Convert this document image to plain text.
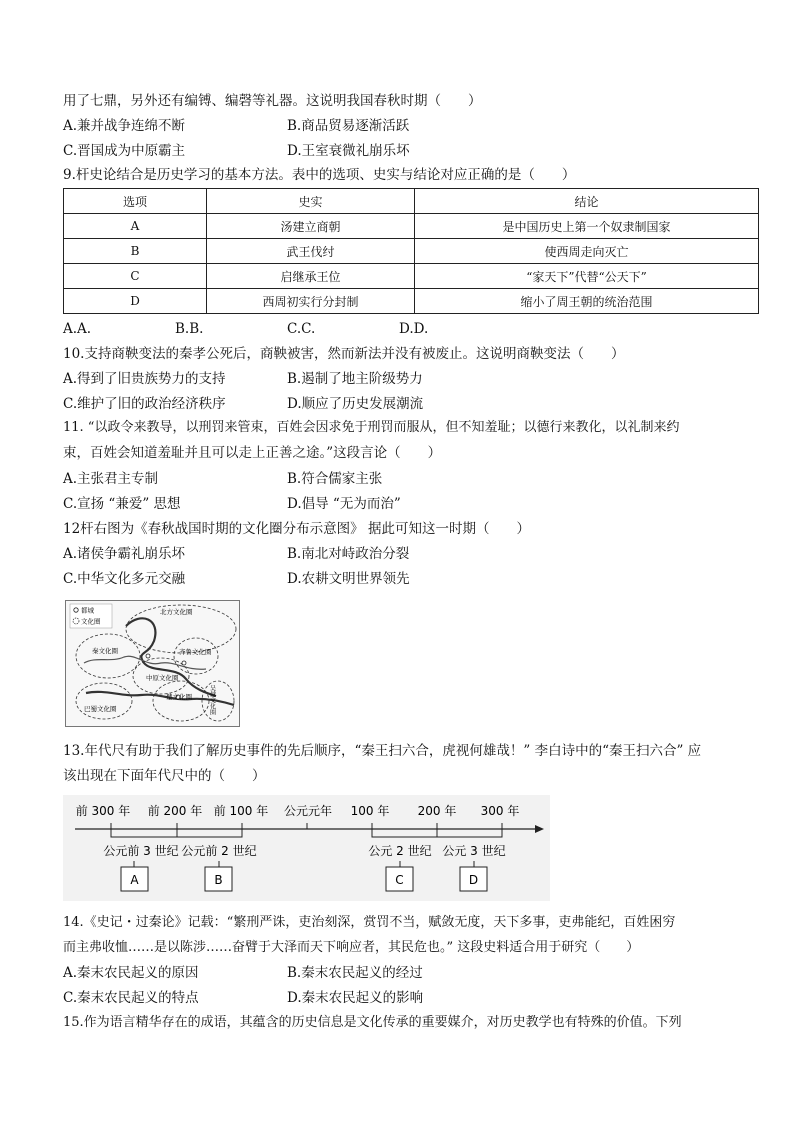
用了七鼎，另外还有编镈、编磬等礼器。这说明我国春秋时期（　　）
A.兼并战争连绵不断	B.商品贸易逐渐活跃
C.晋国成为中原霸主	D.王室衰微礼崩乐坏
9.杆史论结合是历史学习的基本方法。表中的选项、史实与结论对应正确的是（　　）
选项	史实	结论
A	汤建立商朝	是中国历史上第一个奴隶制国家
B	武王伐纣	使西周走向灭亡
C	启继承王位	“家天下”代替“公天下”
D	西周初实行分封制	缩小了周王朝的统治范围
A.A.	B.B.	C.C.	D.D.
10.支持商鞅变法的秦孝公死后，商鞅被害，然而新法并没有被废止。这说明商鞅变法（　　）
A.得到了旧贵族势力的支持	B.遏制了地主阶级势力
C.维护了旧的政治经济秩序	D.顺应了历史发展潮流
11. “以政令来教导，以刑罚来管束，百姓会因求免于刑罚而服从，但不知羞耻；以德行来教化，以礼制来约
束，百姓会知道羞耻并且可以走上正善之途。”这段言论（　　）
A.主张君主专制	B.符合儒家主张
C.宣扬 “兼爱” 思想	D.倡导 “无为而治”
12杆右图为《春秋战国时期的文化圈分布示意图》 据此可知这一时期（　　）
A.诸侯争霸礼崩乐坏	B.南北对峙政治分裂
C.中华文化多元交融	D.农耕文明世界领先
都城
文化圈
北方文化圈
秦文化圈	齐鲁文化圈
中原文化圈
楚文化圈
巴蜀文化圈	吴越文化圈
13.年代尺有助于我们了解历史事件的先后顺序，“秦王扫六合，虎视何雄哉！” 李白诗中的“秦王扫六合” 应
该出现在下面年代尺中的（　　）
前 300 年 前 200 年 前 100 年 公元元年 100 年 200 年 300 年
公元前 3 世纪 公元前 2 世纪	公元 2 世纪 公元 3 世纪
A	B	C	D
14.《史记・过秦论》记载：“繁刑严诛，吏治刻深，赏罚不当，赋敛无度，天下多事，吏弗能纪，百姓困穷
而主弗收恤……是以陈涉……奋臂于大泽而天下响应者，其民危也。” 这段史料适合用于研究（　　）
A.秦末农民起义的原因	B.秦末农民起义的经过
C.秦末农民起义的特点	D.秦末农民起义的影响
15.作为语言精华存在的成语，其蕴含的历史信息是文化传承的重要媒介，对历史教学也有特殊的价值。下列
